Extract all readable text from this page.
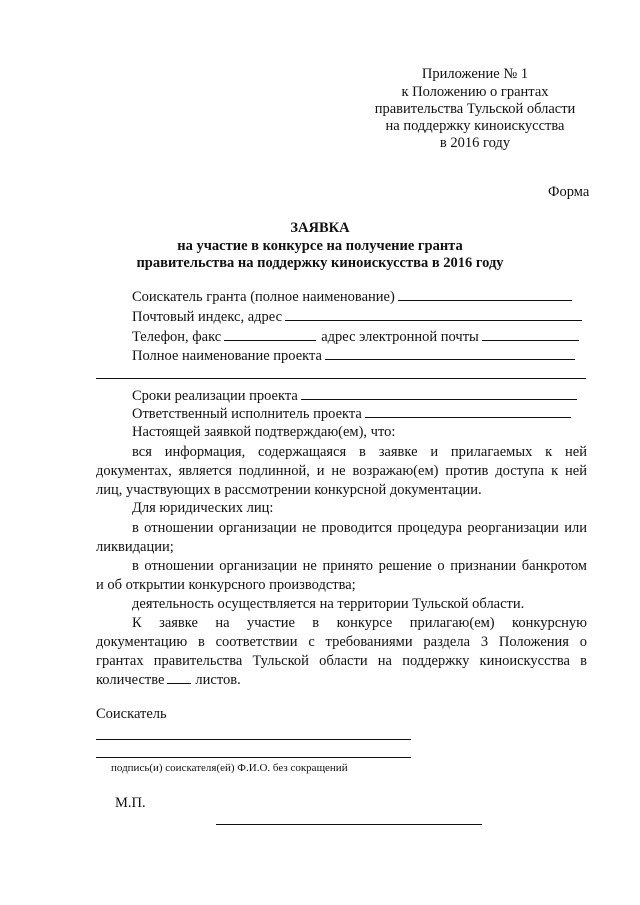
Приложение № 1
к Положению о грантах
правительства Тульской области
на поддержку киноискусства
в 2016 году
Форма
ЗАЯВКА
на участие в конкурсе на получение гранта
правительства на поддержку киноискусства в 2016 году
Соискатель гранта (полное наименование)
Почтовый индекс, адрес
Телефон, факс	адрес электронной почты
Полное наименование проекта
Сроки реализации проекта
Ответственный исполнитель проекта
Настоящей заявкой подтверждаю(ем), что:
вся информация, содержащаяся в заявке и прилагаемых к ней
документах, является подлинной, и не возражаю(ем) против доступа к ней
лиц, участвующих в рассмотрении конкурсной документации.
Для юридических лиц:
в отношении организации не проводится процедура реорганизации или
ликвидации;
в отношении организации не принято решение о признании банкротом
и об открытии конкурсного производства;
деятельность осуществляется на территории Тульской области.
К заявке на участие в конкурсе прилагаю(ем) конкурсную
документацию в соответствии с требованиями раздела 3 Положения о
грантах правительства Тульской области на поддержку киноискусства в
количестве листов.
Соискатель
подпись(и) соискателя(ей) Ф.И.О. без сокращений
М.П.
